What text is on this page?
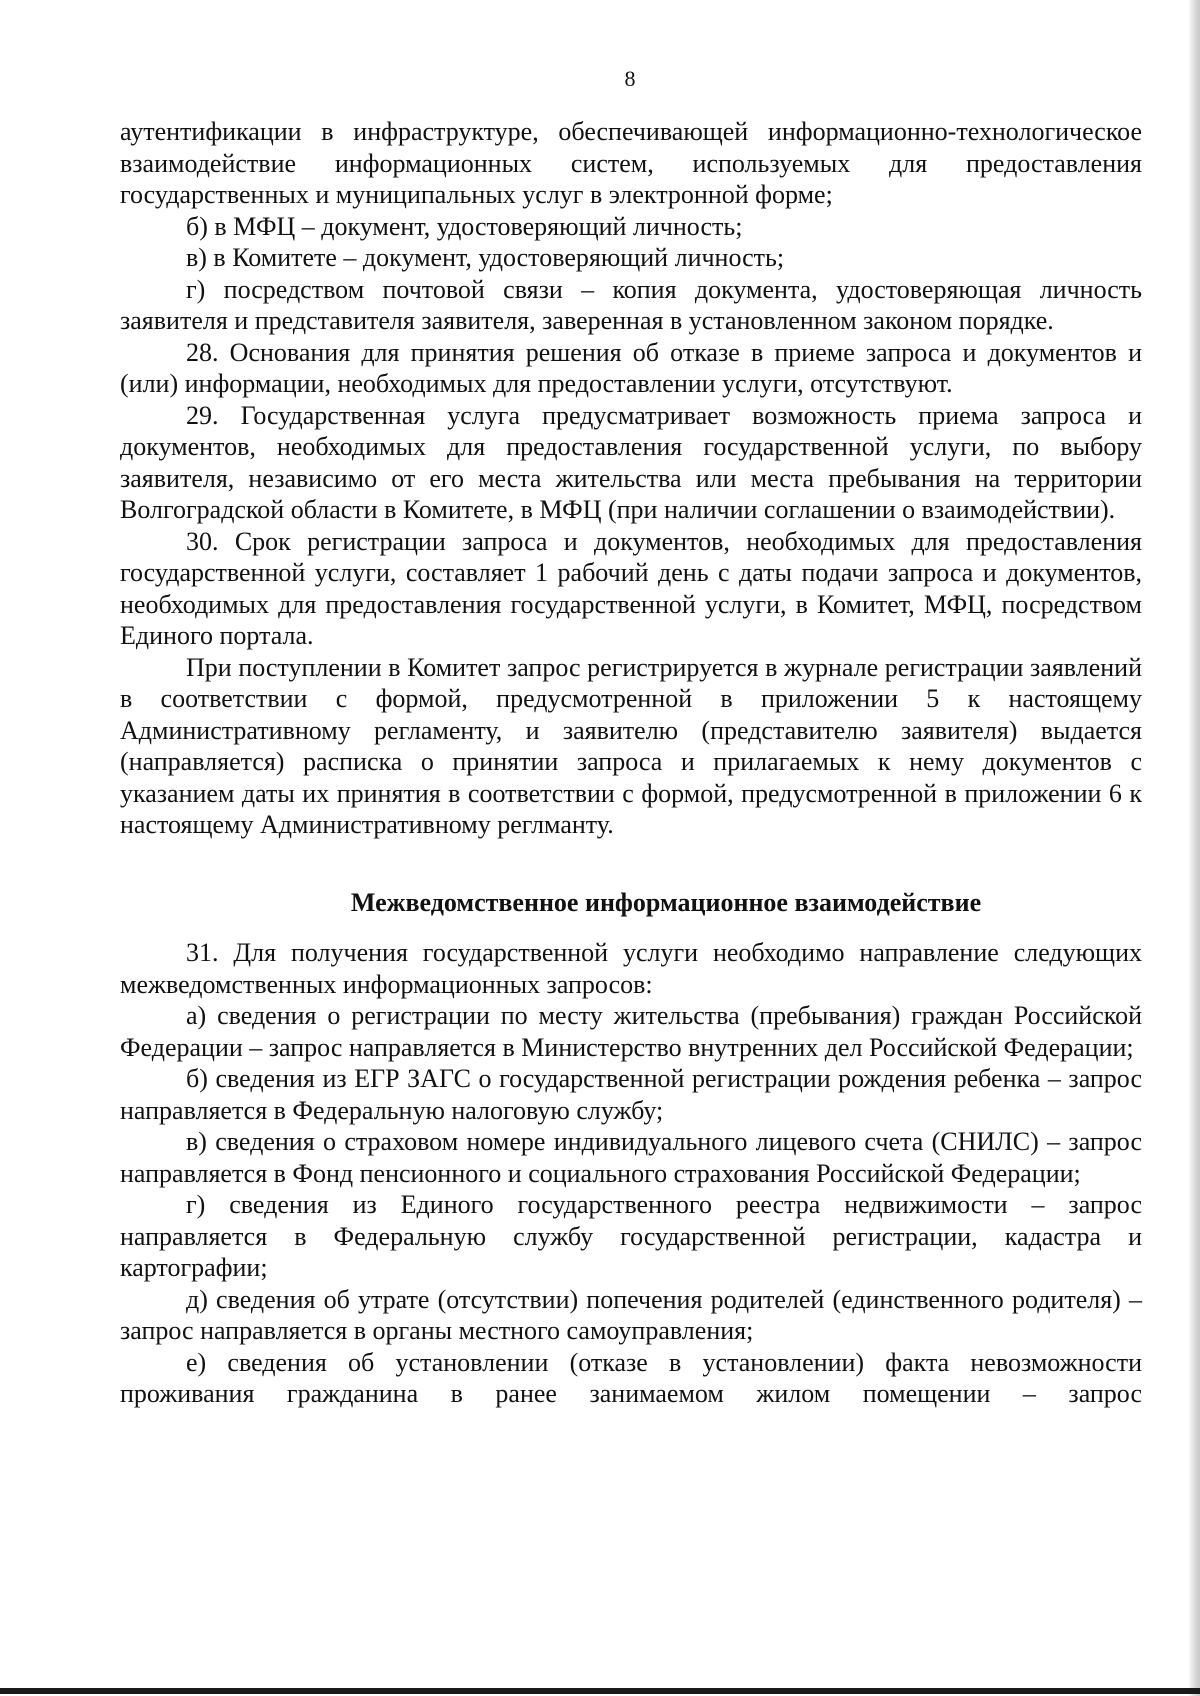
8

аутентификации в инфраструктуре, обеспечивающей информационно-технологическое взаимодействие информационных систем, используемых для предоставления государственных и муниципальных услуг в электронной форме;

б) в МФЦ – документ, удостоверяющий личность;

в) в Комитете – документ, удостоверяющий личность;

г) посредством почтовой связи – копия документа, удостоверяющая личность заявителя и представителя заявителя, заверенная в установленном законом порядке.

28. Основания для принятия решения об отказе в приеме запроса и документов и (или) информации, необходимых для предоставлении услуги, отсутствуют.

29. Государственная услуга предусматривает возможность приема запроса и документов, необходимых для предоставления государственной услуги, по выбору заявителя, независимо от его места жительства или места пребывания на территории Волгоградской области в Комитете, в МФЦ (при наличии соглашении о взаимодействии).

30. Срок регистрации запроса и документов, необходимых для предоставления государственной услуги, составляет 1 рабочий день с даты подачи запроса и документов, необходимых для предоставления государственной услуги, в Комитет, МФЦ, посредством Единого портала.

При поступлении в Комитет запрос регистрируется в журнале регистрации заявлений в соответствии с формой, предусмотренной в приложении 5 к настоящему Административному регламенту, и заявителю (представителю заявителя) выдается (направляется) расписка о принятии запроса и прилагаемых к нему документов с указанием даты их принятия в соответствии с формой, предусмотренной в приложении 6 к настоящему Административному реглманту.

Межведомственное информационное взаимодействие

31. Для получения государственной услуги необходимо направление следующих межведомственных информационных запросов:

а) сведения о регистрации по месту жительства (пребывания) граждан Российской Федерации – запрос направляется в Министерство внутренних дел Российской Федерации;

б) сведения из ЕГР ЗАГС о государственной регистрации рождения ребенка – запрос направляется в Федеральную налоговую службу;

в) сведения о страховом номере индивидуального лицевого счета (СНИЛС) – запрос направляется в Фонд пенсионного и социального страхования Российской Федерации;

г) сведения из Единого государственного реестра недвижимости – запрос направляется в Федеральную службу государственной регистрации, кадастра и картографии;

д) сведения об утрате (отсутствии) попечения родителей (единственного родителя) – запрос направляется в органы местного самоуправления;

е) сведения об установлении (отказе в установлении) факта невозможности проживания гражданина в ранее занимаемом жилом помещении – запрос
